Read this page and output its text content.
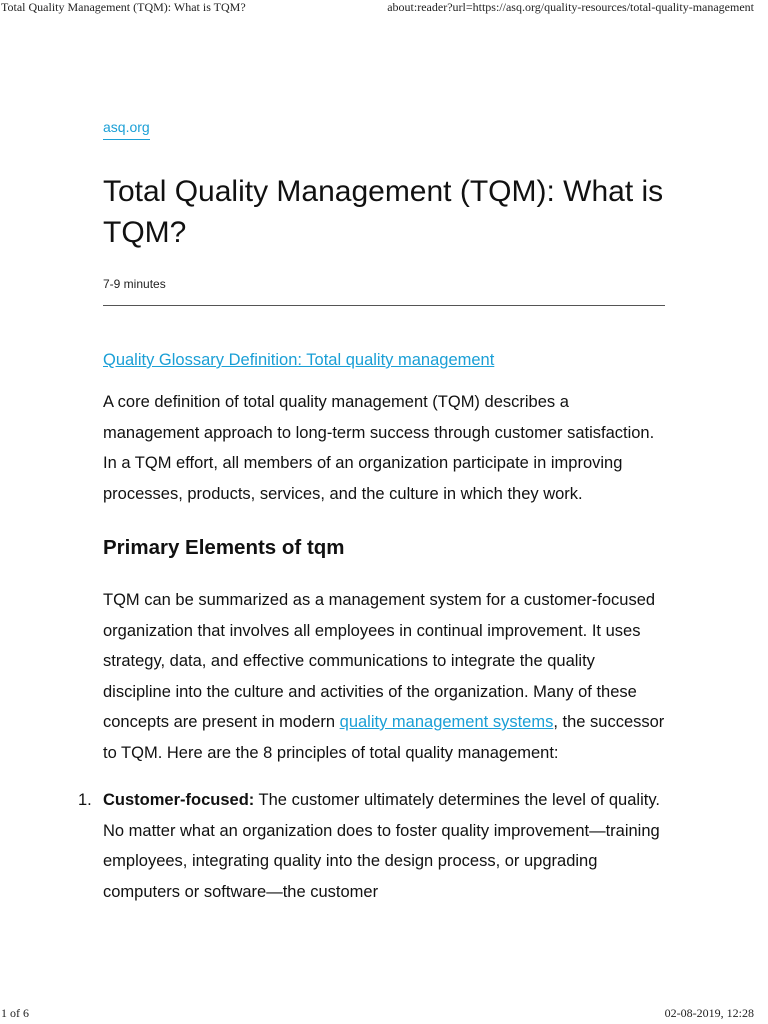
Total Quality Management (TQM): What is TQM?	about:reader?url=https://asq.org/quality-resources/total-quality-management
asq.org
Total Quality Management (TQM): What is TQM?
7-9 minutes
Quality Glossary Definition: Total quality management

A core definition of total quality management (TQM) describes a management approach to long-term success through customer satisfaction. In a TQM effort, all members of an organization participate in improving processes, products, services, and the culture in which they work.

Primary Elements of tqm

TQM can be summarized as a management system for a customer-focused organization that involves all employees in continual improvement. It uses strategy, data, and effective communications to integrate the quality discipline into the culture and activities of the organization. Many of these concepts are present in modern quality management systems, the successor to TQM. Here are the 8 principles of total quality management:

1. Customer-focused: The customer ultimately determines the level of quality. No matter what an organization does to foster quality improvement—training employees, integrating quality into the design process, or upgrading computers or software—the customer
1 of 6	02-08-2019, 12:28
